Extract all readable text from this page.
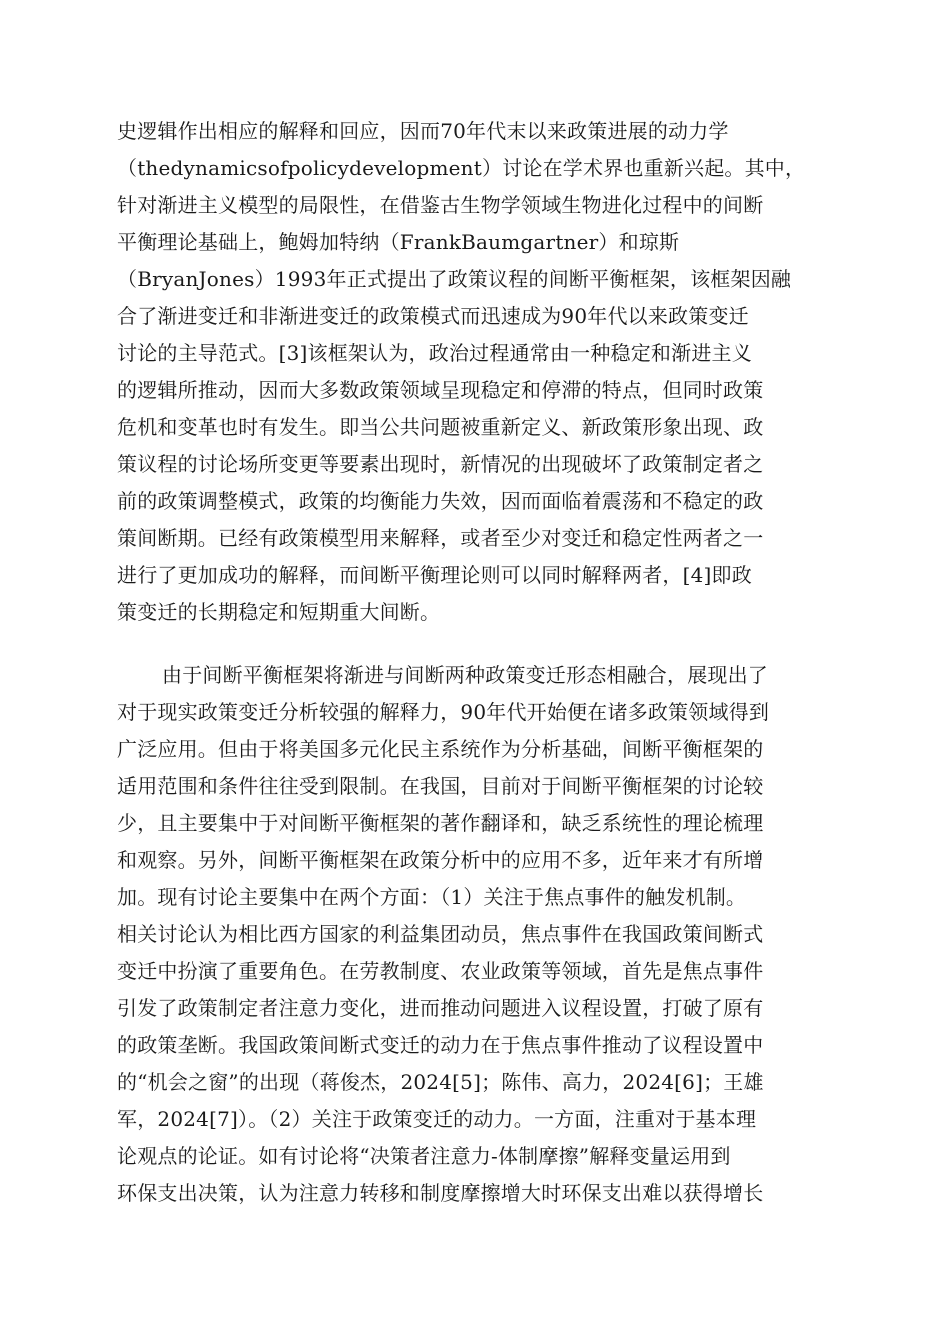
史逻辑作出相应的解释和回应，因而70年代末以来政策进展的动力学
（thedynamicsofpolicydevelopment）讨论在学术界也重新兴起。其中，
针对渐进主义模型的局限性，在借鉴古生物学领域生物进化过程中的间断
平衡理论基础上，鲍姆加特纳（FrankBaumgartner）和琼斯
（BryanJones）1993年正式提出了政策议程的间断平衡框架，该框架因融
合了渐进变迁和非渐进变迁的政策模式而迅速成为90年代以来政策变迁
讨论的主导范式。[3]该框架认为，政治过程通常由一种稳定和渐进主义
的逻辑所推动，因而大多数政策领域呈现稳定和停滞的特点，但同时政策
危机和变革也时有发生。即当公共问题被重新定义、新政策形象出现、政
策议程的讨论场所变更等要素出现时，新情况的出现破坏了政策制定者之
前的政策调整模式，政策的均衡能力失效，因而面临着震荡和不稳定的政
策间断期。已经有政策模型用来解释，或者至少对变迁和稳定性两者之一
进行了更加成功的解释，而间断平衡理论则可以同时解释两者，[4]即政
策变迁的长期稳定和短期重大间断。
由于间断平衡框架将渐进与间断两种政策变迁形态相融合，展现出了
对于现实政策变迁分析较强的解释力，90年代开始便在诸多政策领域得到
广泛应用。但由于将美国多元化民主系统作为分析基础，间断平衡框架的
适用范围和条件往往受到限制。在我国，目前对于间断平衡框架的讨论较
少，且主要集中于对间断平衡框架的著作翻译和，缺乏系统性的理论梳理
和观察。另外，间断平衡框架在政策分析中的应用不多，近年来才有所增
加。现有讨论主要集中在两个方面：（1）关注于焦点事件的触发机制。
相关讨论认为相比西方国家的利益集团动员，焦点事件在我国政策间断式
变迁中扮演了重要角色。在劳教制度、农业政策等领域，首先是焦点事件
引发了政策制定者注意力变化，进而推动问题进入议程设置，打破了原有
的政策垄断。我国政策间断式变迁的动力在于焦点事件推动了议程设置中
的“机会之窗”的出现（蒋俊杰，2024[5]；陈伟、高力，2024[6]；王雄
军，2024[7]）。（2）关注于政策变迁的动力。一方面，注重对于基本理
论观点的论证。如有讨论将“决策者注意力-体制摩擦”解释变量运用到
环保支出决策，认为注意力转移和制度摩擦增大时环保支出难以获得增长
